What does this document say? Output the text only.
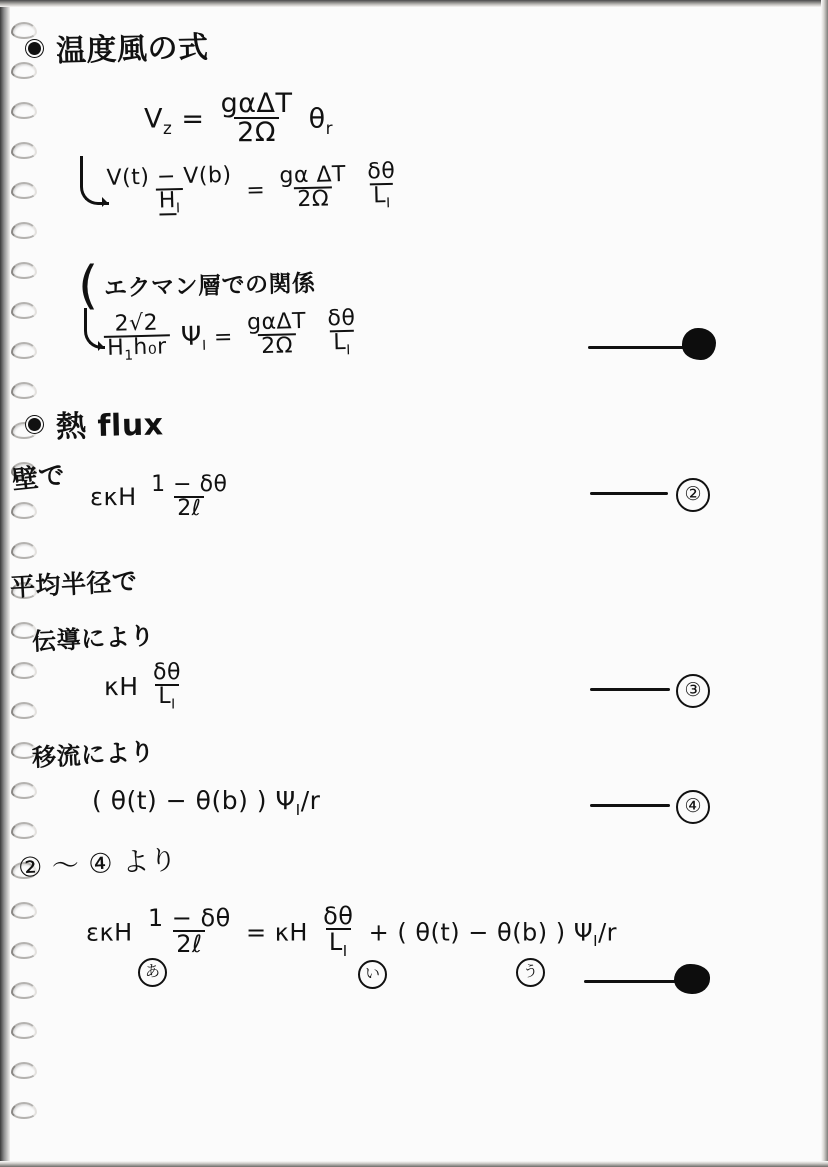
温度風の式
$V_z = \frac{\text{gαΔT}}{2\Omega} \theta_r$
$\frac{V(t) - V(b)}{H_I} = \frac{\text{gα ΔT}}{2\Omega}$
$\frac{\delta\theta}{L_I}$
( エクマン層での関係
$\frac{2√2}{H_1h_0r} \Psi_I = \frac{\text{gαΔT}}{2\Omega}$
$\frac{\delta\theta}{L_I}$
熱 flux
壁で
εκH $\frac{1 - \delta\theta}{\text{2ℓ}}$	②
平均半径で
伝導により
κH $\frac{\delta\theta}{L_I}$	③
移流により
( θ(t) − θ(b) ) $\Psi_I/r$	④
② ～ ④ より
εκH $\frac{1 - \delta\theta}{\text{2ℓ}} = \kappa H \frac{\delta\theta}{L_I}$ + ( θ(t) − θ(b) ) $\Psi_I/r$
あ	い	う
